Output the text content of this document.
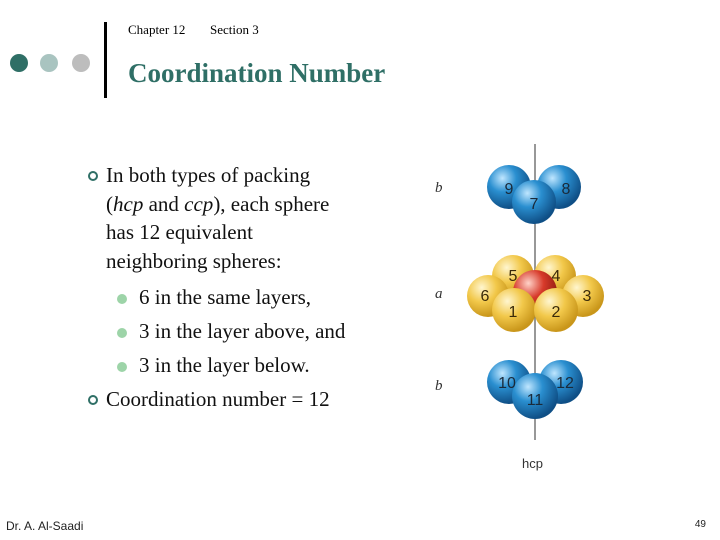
Chapter 12 Section 3
Coordination Number
In both types of packing
(hcp and ccp), each sphere
has 12 equivalent
neighboring spheres:
6 in the same layers,
3 in the layer above, and
3 in the layer below.
Coordination number = 12
b
a
b
9
7
8
5 4
6
1 2
3
10
11
12
hcp
Dr. A. Al-Saadi	49
